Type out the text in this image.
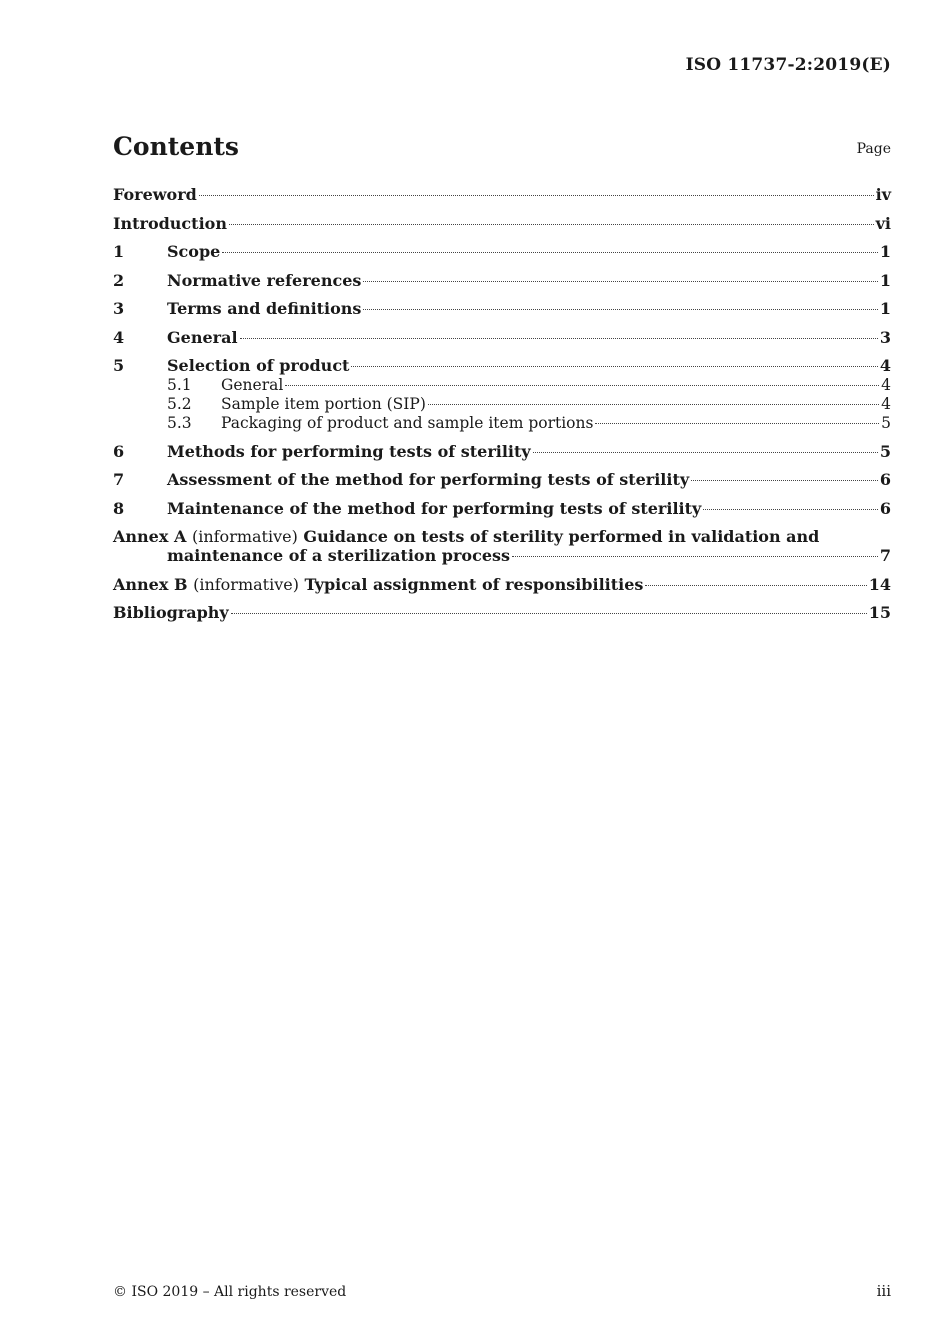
ISO 11737-2:2019(E)
Contents	Page
Foreword	iv
Introduction	vi
1	Scope	1
2	Normative references	1
3	Terms and definitions	1
4	General	3
5	Selection of product	4
5.1	General	4
5.2	Sample item portion (SIP)	4
5.3	Packaging of product and sample item portions	5
6	Methods for performing tests of sterility	5
7	Assessment of the method for performing tests of sterility	6
8	Maintenance of the method for performing tests of sterility	6
Annex A (informative) Guidance on tests of sterility performed in validation and
maintenance of a sterilization process	7
Annex B (informative) Typical assignment of responsibilities	14
Bibliography	15
© ISO 2019 – All rights reserved	iii
